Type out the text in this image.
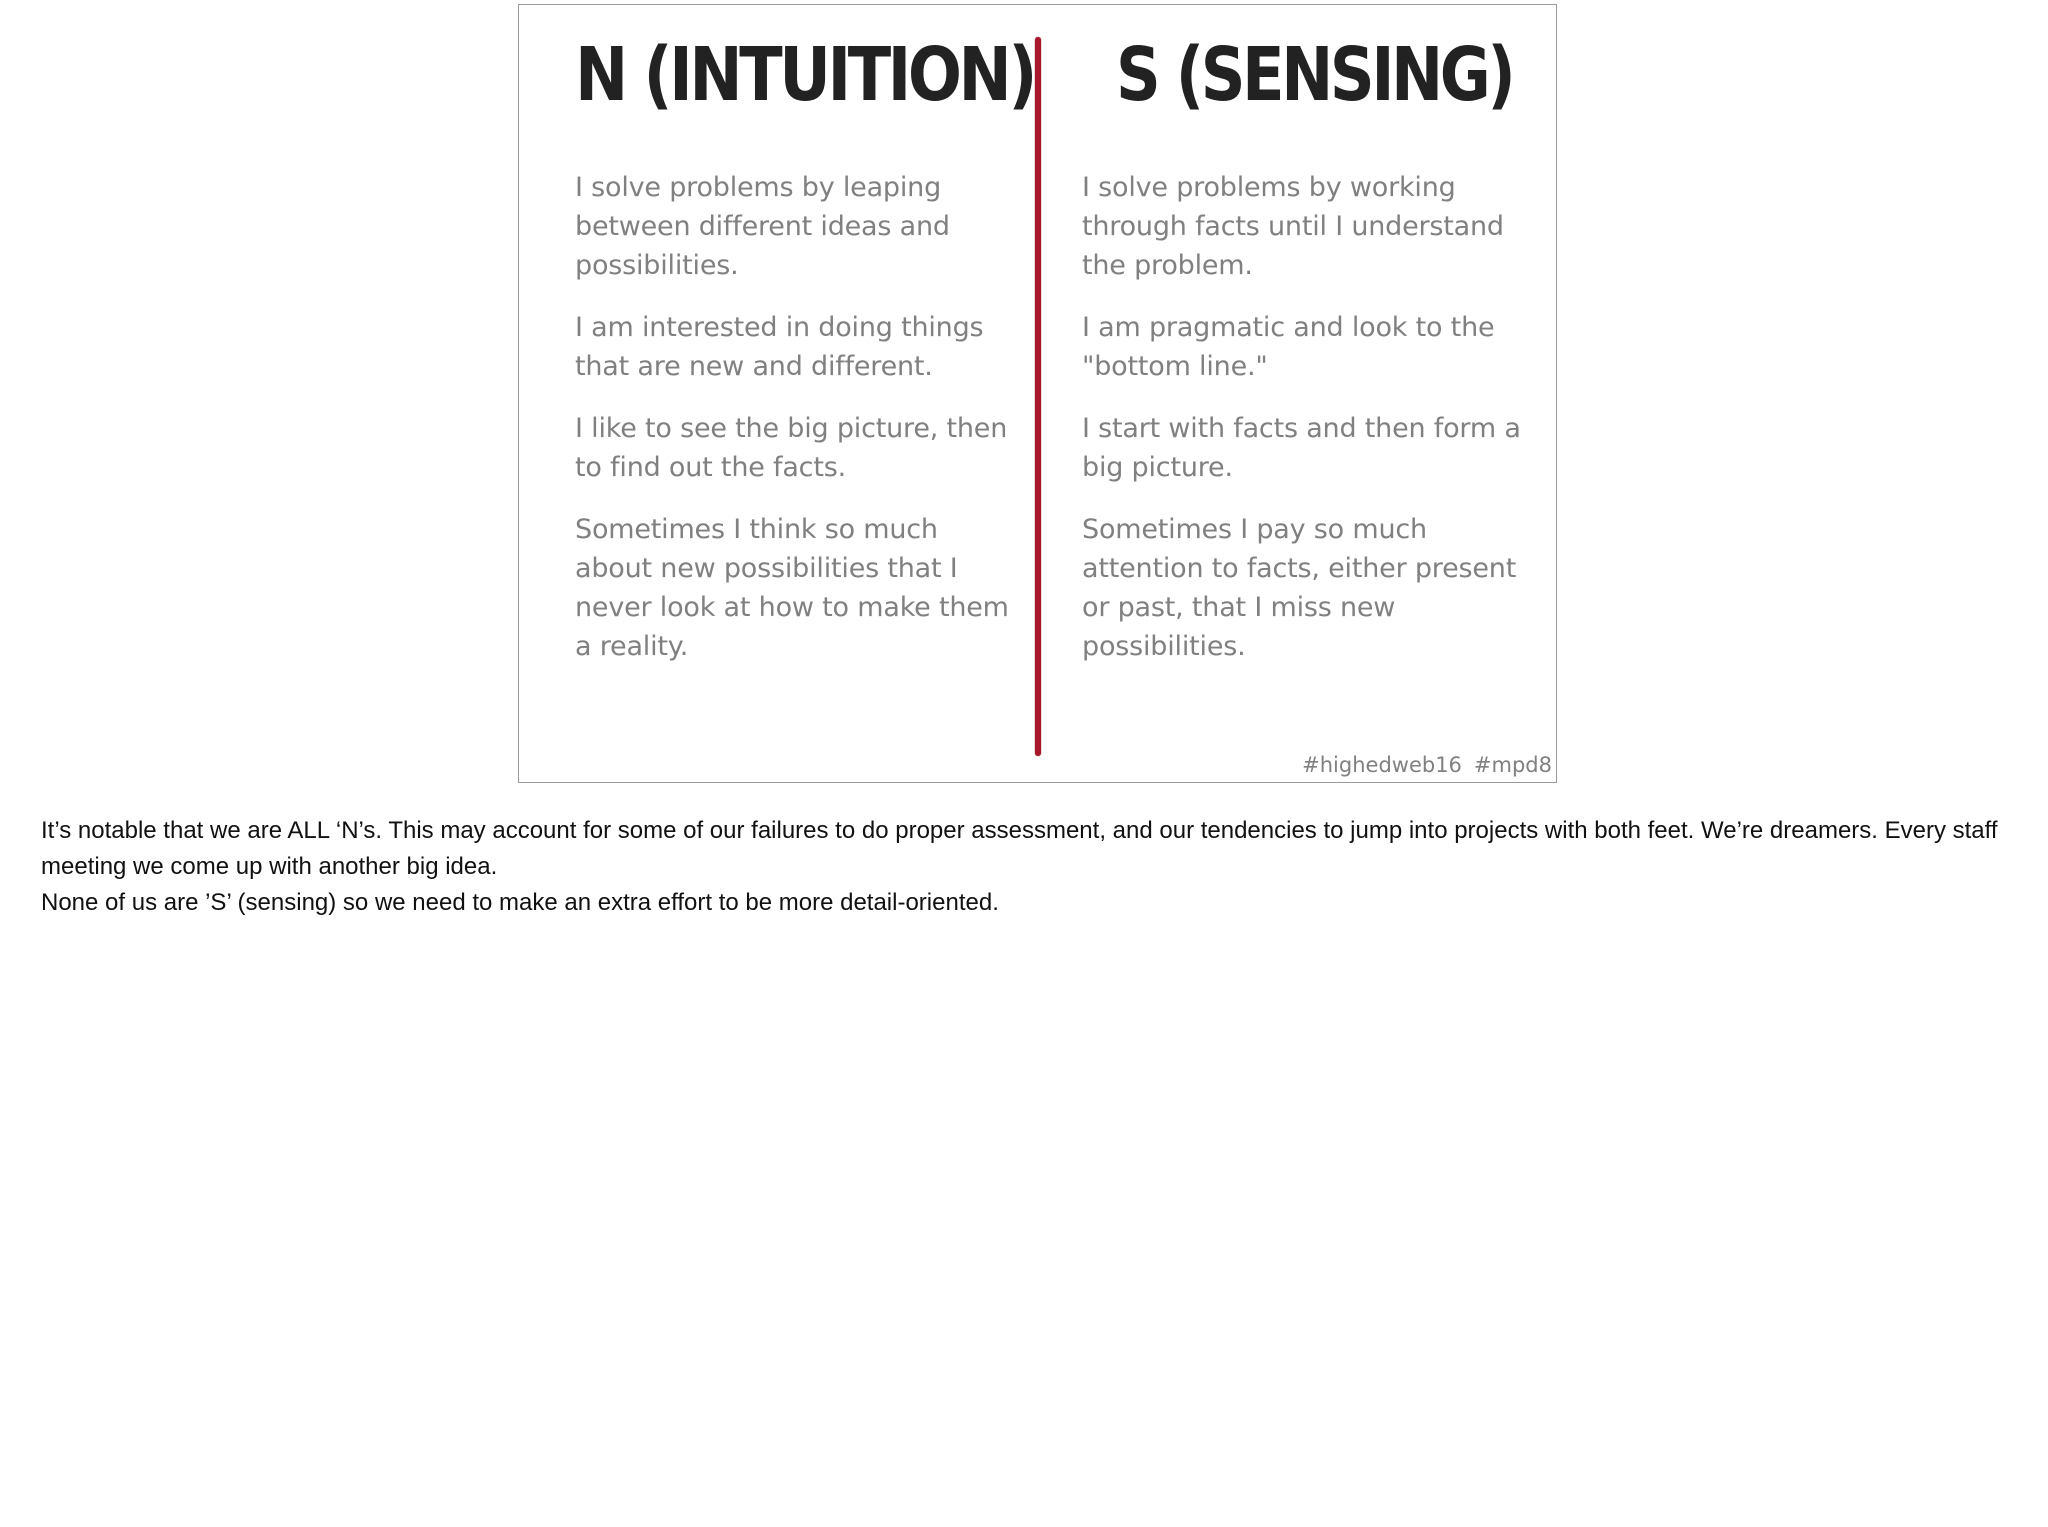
N (INTUITION)
I solve problems by leaping between different ideas and possibilities.
I am interested in doing things that are new and different.
I like to see the big picture, then to find out the facts.
Sometimes I think so much about new possibilities that I never look at how to make them a reality.
S (SENSING)
I solve problems by working through facts until I understand the problem.
I am pragmatic and look to the "bottom line."
I start with facts and then form a big picture.
Sometimes I pay so much attention to facts, either present or past, that I miss new possibilities.
#highedweb16 #mpd8

It’s notable that we are ALL ‘N’s. This may account for some of our failures to do proper assessment, and our tendencies to jump into projects with both feet. We’re dreamers. Every staff meeting we come up with another big idea.

None of us are ’S’ (sensing) so we need to make an extra effort to be more detail-oriented.
